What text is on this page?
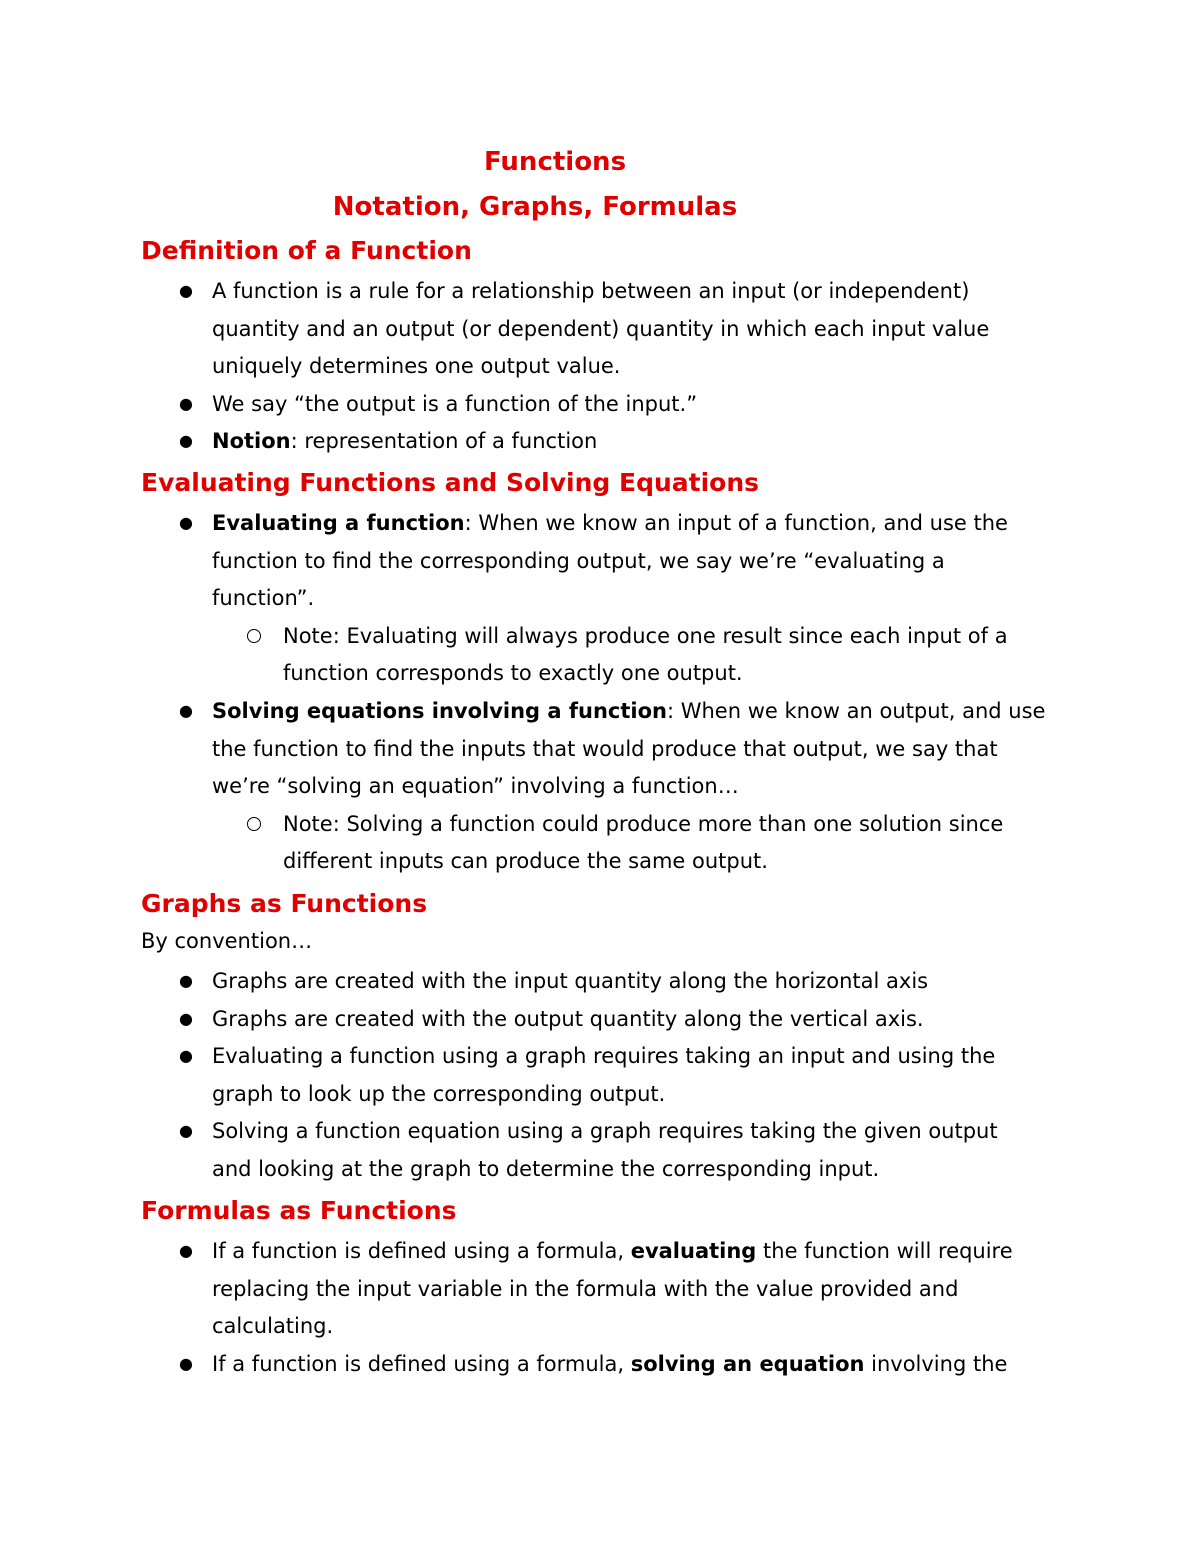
Functions
Notation, Graphs, Formulas
Definition of a Function
● A function is a rule for a relationship between an input (or independent)
quantity and an output (or dependent) quantity in which each input value
uniquely determines one output value.
● We say “the output is a function of the input.”
● Notion: representation of a function
Evaluating Functions and Solving Equations
● Evaluating a function: When we know an input of a function, and use the
function to find the corresponding output, we say we’re “evaluating a
function”.
Note: Evaluating will always produce one result since each input of a
function corresponds to exactly one output.
● Solving equations involving a function: When we know an output, and use
the function to find the inputs that would produce that output, we say that
we’re “solving an equation” involving a function…
Note: Solving a function could produce more than one solution since
different inputs can produce the same output.
Graphs as Functions
By convention…
● Graphs are created with the input quantity along the horizontal axis
● Graphs are created with the output quantity along the vertical axis.
● Evaluating a function using a graph requires taking an input and using the
graph to look up the corresponding output.
● Solving a function equation using a graph requires taking the given output
and looking at the graph to determine the corresponding input.
Formulas as Functions
● If a function is defined using a formula, evaluating the function will require
replacing the input variable in the formula with the value provided and
calculating.
● If a function is defined using a formula, solving an equation involving the
